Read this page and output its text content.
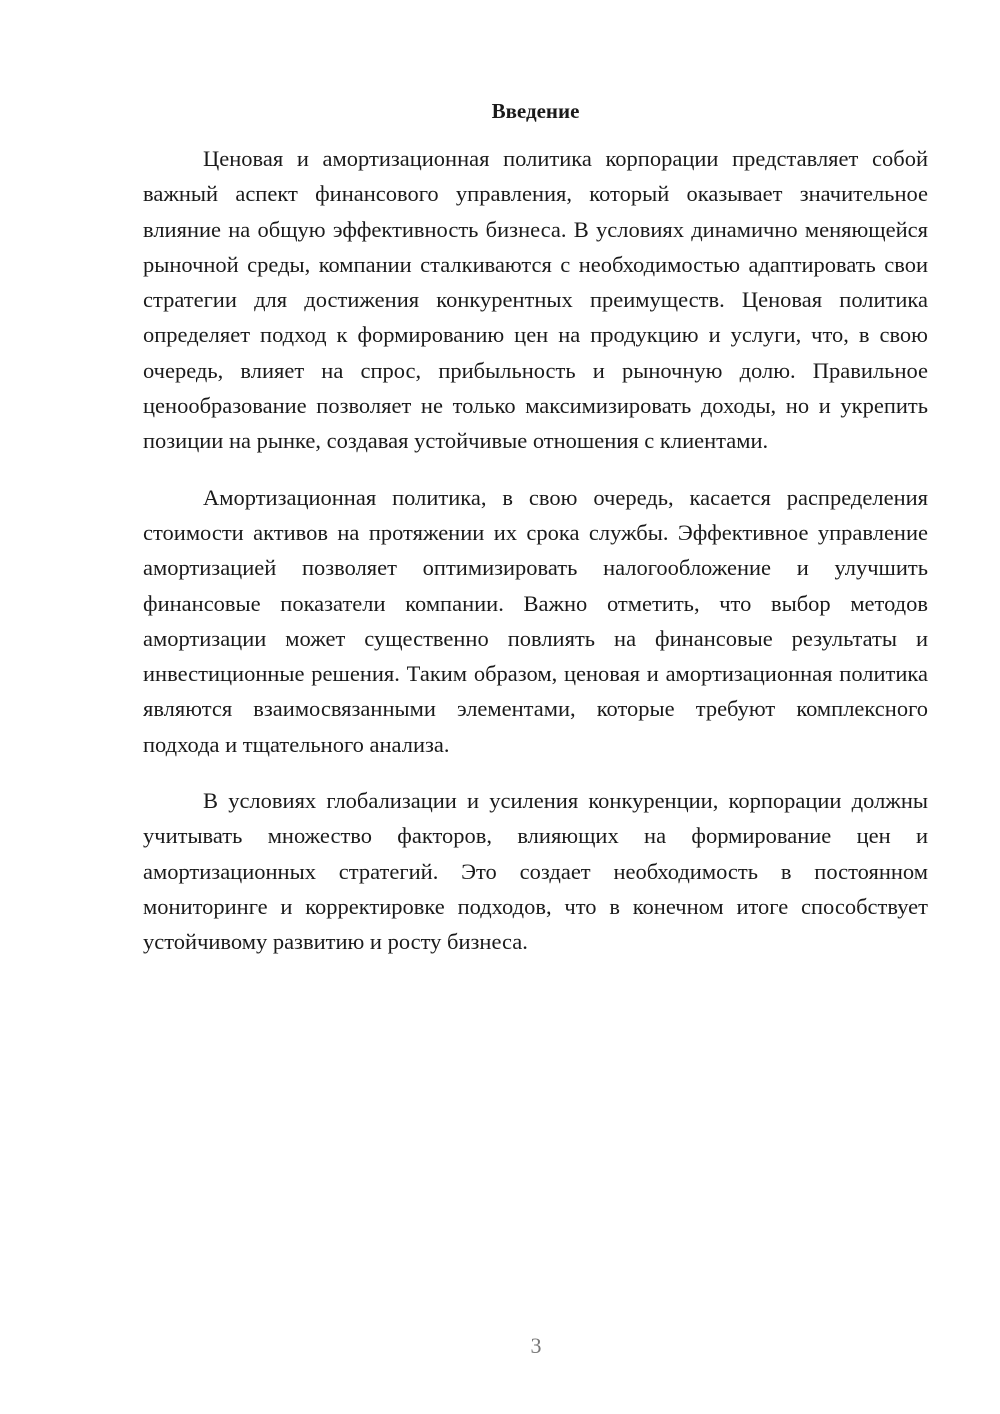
Введение

Ценовая и амортизационная политика корпорации представляет собой важный аспект финансового управления, который оказывает значительное влияние на общую эффективность бизнеса. В условиях динамично меняющейся рыночной среды, компании сталкиваются с необходимостью адаптировать свои стратегии для достижения конкурентных преимуществ. Ценовая политика определяет подход к формированию цен на продукцию и услуги, что, в свою очередь, влияет на спрос, прибыльность и рыночную долю. Правильное ценообразование позволяет не только максимизировать доходы, но и укрепить позиции на рынке, создавая устойчивые отношения с клиентами.

Амортизационная политика, в свою очередь, касается распределения стоимости активов на протяжении их срока службы. Эффективное управление амортизацией позволяет оптимизировать налогообложение и улучшить финансовые показатели компании. Важно отметить, что выбор методов амортизации может существенно повлиять на финансовые результаты и инвестиционные решения. Таким образом, ценовая и амортизационная политика являются взаимосвязанными элементами, которые требуют комплексного подхода и тщательного анализа.

В условиях глобализации и усиления конкуренции, корпорации должны учитывать множество факторов, влияющих на формирование цен и амортизационных стратегий. Это создает необходимость в постоянном мониторинге и корректировке подходов, что в конечном итоге способствует устойчивому развитию и росту бизнеса.

3
